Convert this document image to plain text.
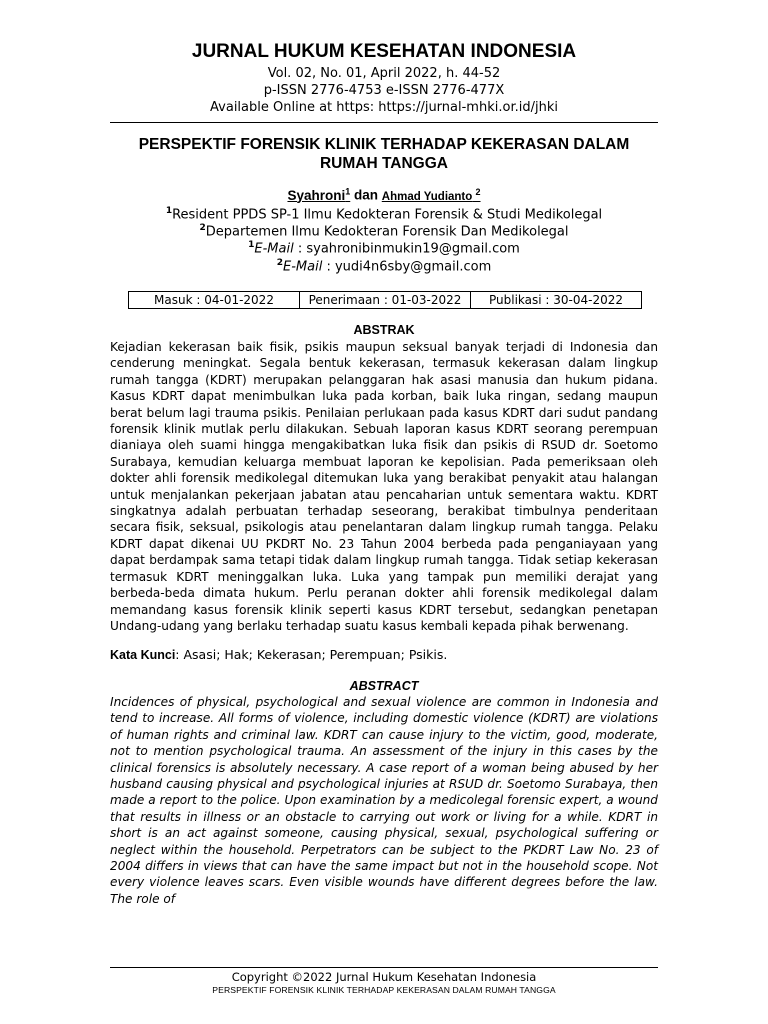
JURNAL HUKUM KESEHATAN INDONESIA
Vol. 02, No. 01, April 2022, h. 44-52
p-ISSN 2776-4753 e-ISSN 2776-477X
Available Online at https: https://jurnal-mhki.or.id/jhki
PERSPEKTIF FORENSIK KLINIK TERHADAP KEKERASAN DALAM RUMAH TANGGA
Syahroni$^1$ dan Ahmad Yudianto $^2$
$^1$Resident PPDS SP-1 Ilmu Kedokteran Forensik & Studi Medikolegal
$^2$Departemen Ilmu Kedokteran Forensik Dan Medikolegal
$^1$E-Mail : syahronibinmukin19@gmail.com
$^2$E-Mail : yudi4n6sby@gmail.com
Masuk : 04-01-2022	Penerimaan : 01-03-2022	Publikasi : 30-04-2022
ABSTRAK
Kejadian kekerasan baik fisik, psikis maupun seksual banyak terjadi di Indonesia dan cenderung meningkat. Segala bentuk kekerasan, termasuk kekerasan dalam lingkup rumah tangga (KDRT) merupakan pelanggaran hak asasi manusia dan hukum pidana. Kasus KDRT dapat menimbulkan luka pada korban, baik luka ringan, sedang maupun berat belum lagi trauma psikis. Penilaian perlukaan pada kasus KDRT dari sudut pandang forensik klinik mutlak perlu dilakukan. Sebuah laporan kasus KDRT seorang perempuan dianiaya oleh suami hingga mengakibatkan luka fisik dan psikis di RSUD dr. Soetomo Surabaya, kemudian keluarga membuat laporan ke kepolisian. Pada pemeriksaan oleh dokter ahli forensik medikolegal ditemukan luka yang berakibat penyakit atau halangan untuk menjalankan pekerjaan jabatan atau pencaharian untuk sementara waktu. KDRT singkatnya adalah perbuatan terhadap seseorang, berakibat timbulnya penderitaan secara fisik, seksual, psikologis atau penelantaran dalam lingkup rumah tangga. Pelaku KDRT dapat dikenai UU PKDRT No. 23 Tahun 2004 berbeda pada penganiayaan yang dapat berdampak sama tetapi tidak dalam lingkup rumah tangga. Tidak setiap kekerasan termasuk KDRT meninggalkan luka. Luka yang tampak pun memiliki derajat yang berbeda-beda dimata hukum. Perlu peranan dokter ahli forensik medikolegal dalam memandang kasus forensik klinik seperti kasus KDRT tersebut, sedangkan penetapan Undang-udang yang berlaku terhadap suatu kasus kembali kepada pihak berwenang.
Kata Kunci: Asasi; Hak; Kekerasan; Perempuan; Psikis.
ABSTRACT
Incidences of physical, psychological and sexual violence are common in Indonesia and tend to increase. All forms of violence, including domestic violence (KDRT) are violations of human rights and criminal law. KDRT can cause injury to the victim, good, moderate, not to mention psychological trauma. An assessment of the injury in this cases by the clinical forensics is absolutely necessary. A case report of a woman being abused by her husband causing physical and psychological injuries at RSUD dr. Soetomo Surabaya, then made a report to the police. Upon examination by a medicolegal forensic expert, a wound that results in illness or an obstacle to carrying out work or living for a while. KDRT in short is an act against someone, causing physical, sexual, psychological suffering or neglect within the household. Perpetrators can be subject to the PKDRT Law No. 23 of 2004 differs in views that can have the same impact but not in the household scope. Not every violence leaves scars. Even visible wounds have different degrees before the law. The role of
Copyright ©2022 Jurnal Hukum Kesehatan Indonesia
PERSPEKTIF FORENSIK KLINIK TERHADAP KEKERASAN DALAM RUMAH TANGGA
